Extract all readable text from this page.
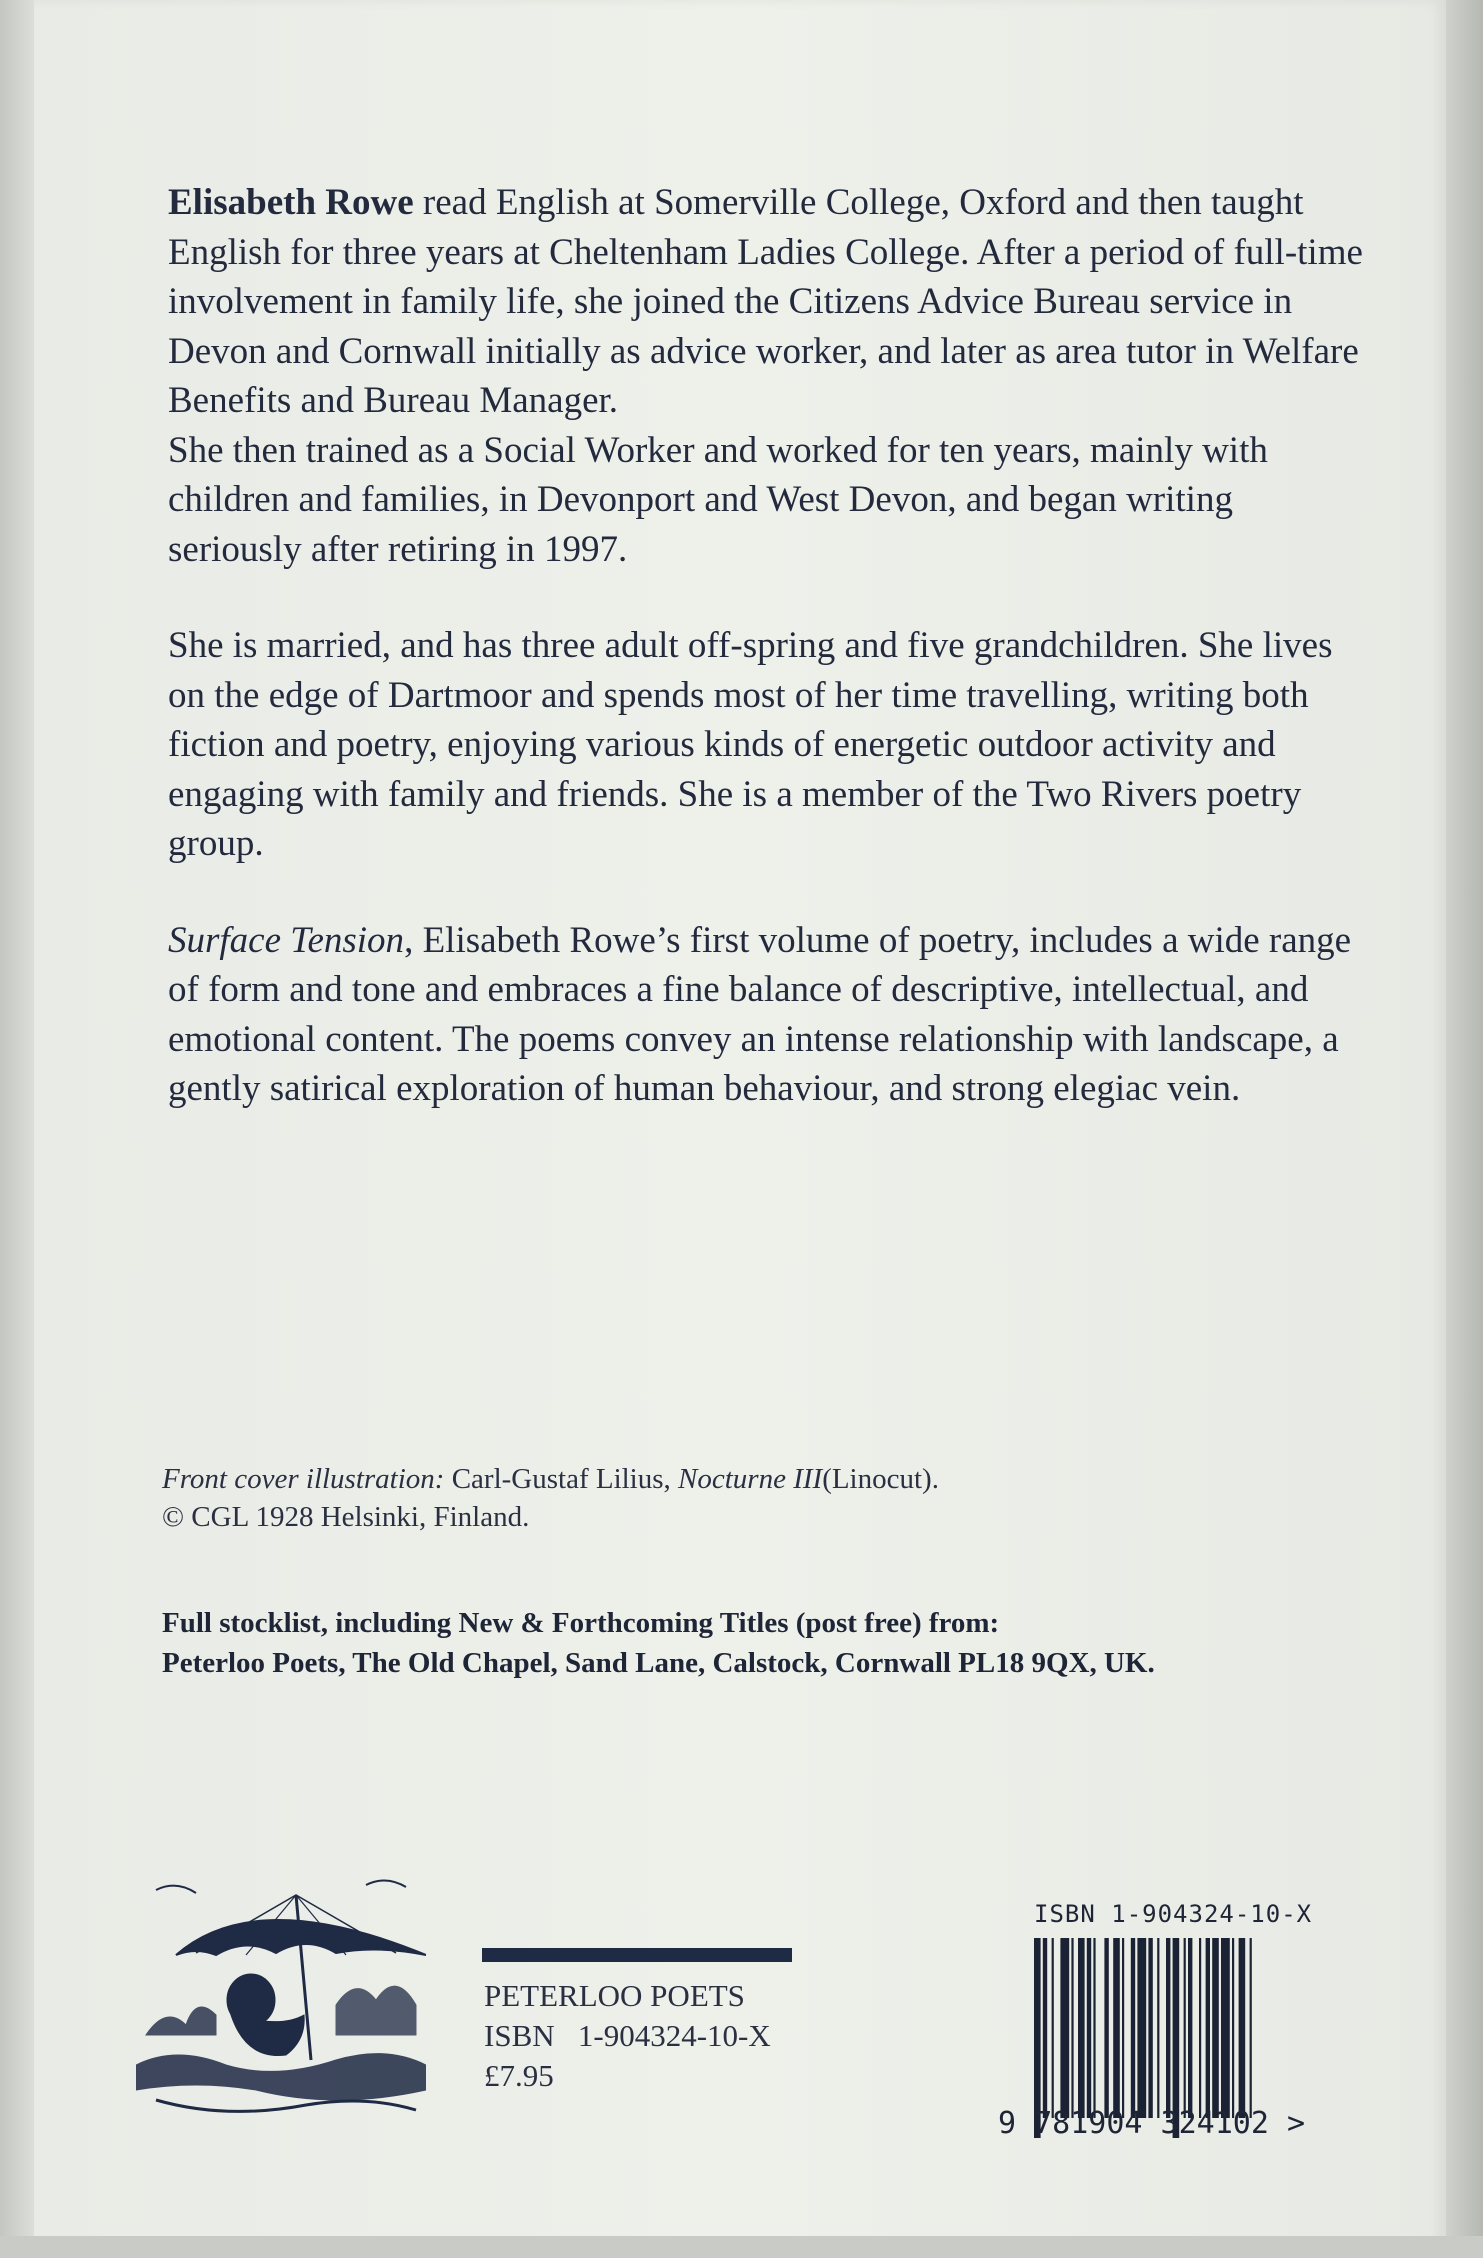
Elisabeth Rowe read English at Somerville College, Oxford and then taught English for three years at Cheltenham Ladies College. After a period of full-time involvement in family life, she joined the Citizens Advice Bureau service in Devon and Cornwall initially as advice worker, and later as area tutor in Welfare Benefits and Bureau Manager.

She then trained as a Social Worker and worked for ten years, mainly with children and families, in Devonport and West Devon, and began writing seriously after retiring in 1997.

She is married, and has three adult off-spring and five grandchildren. She lives on the edge of Dartmoor and spends most of her time travelling, writing both fiction and poetry, enjoying various kinds of energetic outdoor activity and engaging with family and friends. She is a member of the Two Rivers poetry group.

Surface Tension, Elisabeth Rowe’s first volume of poetry, includes a wide range of form and tone and embraces a fine balance of descriptive, intellectual, and emotional content. The poems convey an intense relationship with landscape, a gently satirical exploration of human behaviour, and strong elegiac vein.

Front cover illustration: Carl-Gustaf Lilius, Nocturne III(Linocut).

© CGL 1928 Helsinki, Finland.

Full stocklist, including New & Forthcoming Titles (post free) from:

Peterloo Poets, The Old Chapel, Sand Lane, Calstock, Cornwall PL18 9QX, UK.

PETERLOO POETS

ISBN   1-904324-10-X

£7.95

ISBN 1-904324-10-X
9 781904 324102 >
